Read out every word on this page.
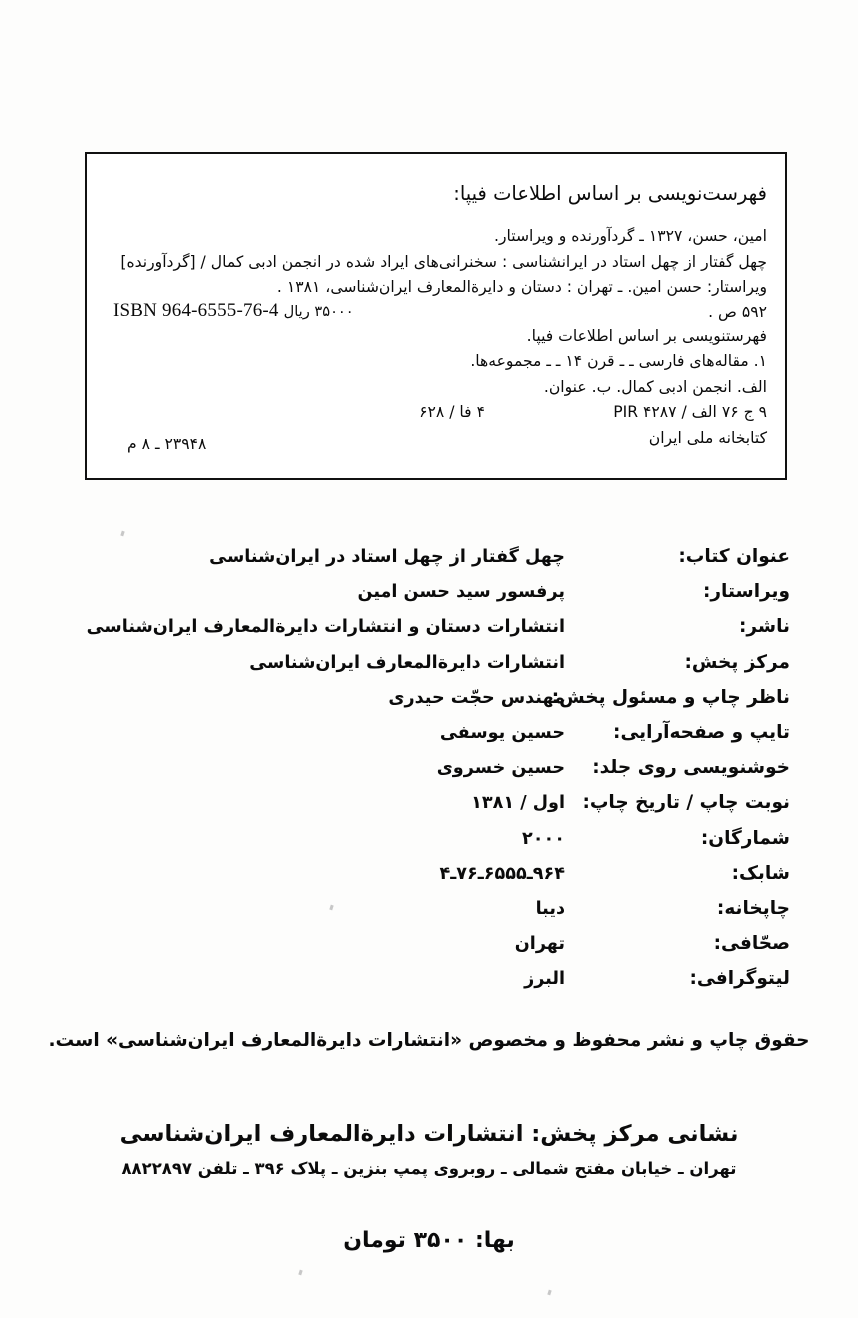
فهرست‌نویسی بر اساس اطلاعات فیپا:
امین، حسن، ۱۳۲۷ ـ گردآورنده و ویراستار.
چهل گفتار از چهل استاد در ایرانشناسی : سخنرانی‌های ایراد شده در انجمن ادبی کمال / [گردآورنده]
ویراستار: حسن امین. ـ تهران : دستان و دایرةالمعارف ایران‌شناسی، ۱۳۸۱ .
۵۹۲ ص .
ISBN 964-6555-76-4 ۳۵۰۰۰ ریال
فهرستنویسی بر اساس اطلاعات فیپا.
۱. مقاله‌های فارسی ـ ـ قرن ۱۴ ـ ـ مجموعه‌ها.
الف. انجمن ادبی کمال. ب. عنوان.
۹ ج ۷۶ الف / PIR ۴۲۸۷
۴ فا / ۶۲۸
کتابخانه ملی ایران
۲۳۹۴۸ ـ ۸ م
عنوان کتاب:
چهل گفتار از چهل استاد در ایران‌شناسی
ویراستار:
پرفسور سید حسن امین
ناشر:
انتشارات دستان و انتشارات دایرةالمعارف ایران‌شناسی
مرکز پخش:
انتشارات دایرةالمعارف ایران‌شناسی
ناظر چاپ و مسئول پخش:
مهندس حجّت حیدری
تایپ و صفحه‌آرایی:
حسین یوسفی
خوشنویسی روی جلد:
حسین خسروی
نوبت چاپ / تاریخ چاپ:
اول / ۱۳۸۱
شمارگان:
۲۰۰۰
شابک:
۹۶۴ـ۶۵۵۵ـ۷۶ـ۴
چاپخانه:
دیبا
صحّافی:
تهران
لیتوگرافی:
البرز
حقوق چاپ و نشر محفوظ و مخصوص «انتشارات دایرةالمعارف ایران‌شناسی» است.
نشانی مرکز پخش: انتشارات دایرةالمعارف ایران‌شناسی
تهران ـ خیابان مفتح شمالی ـ روبروی پمپ بنزین ـ پلاک ۳۹۶ ـ تلفن ۸۸۲۲۸۹۷
بها: ۳۵۰۰ تومان
